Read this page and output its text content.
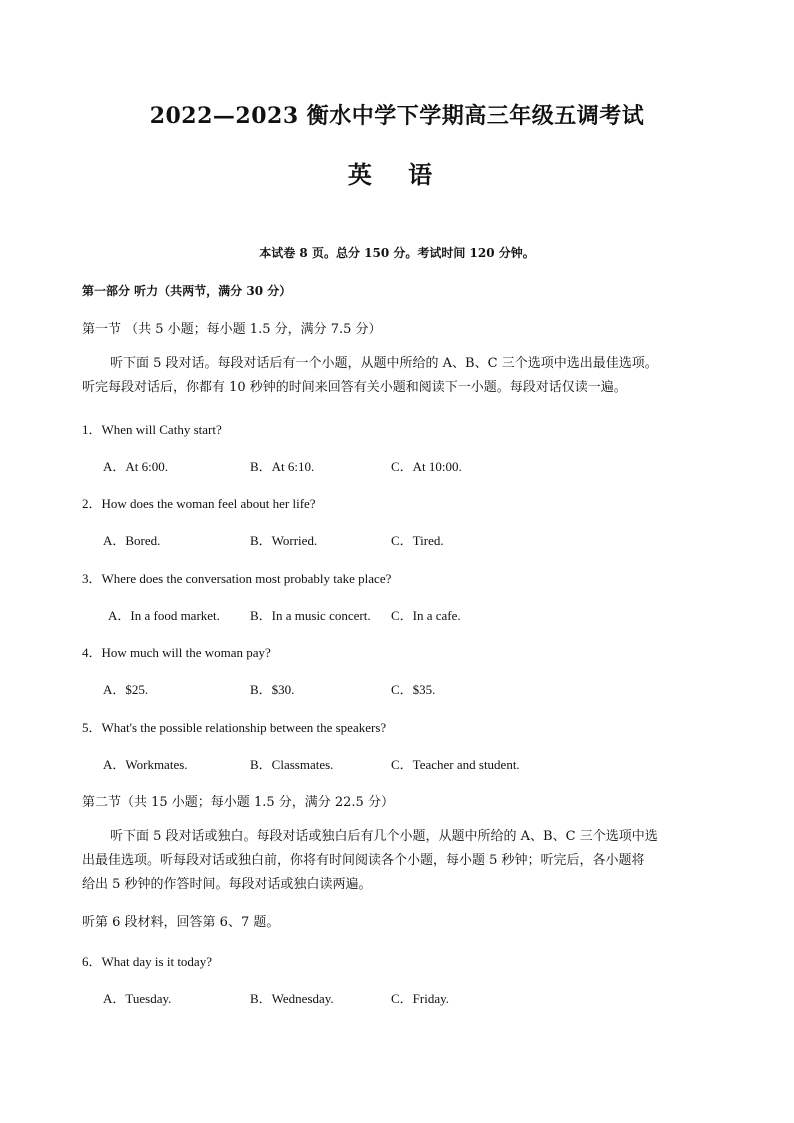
2022—2023 衡水中学下学期高三年级五调考试
英 语
本试卷 8 页。总分 150 分。考试时间 120 分钟。
第一部分 听力（共两节，满分 30 分）
第一节 （共 5 小题；每小题 1.5 分，满分 7.5 分）
听下面 5 段对话。每段对话后有一个小题，从题中所给的 A、B、C 三个选项中选出最佳选项。
听完每段对话后，你都有 10 秒钟的时间来回答有关小题和阅读下一小题。每段对话仅读一遍。
1．When will Cathy start?
A．At 6:00.	B．At 6:10.	C．At 10:00.
2．How does the woman feel about her life?
A．Bored.	B．Worried.	C．Tired.
3．Where does the conversation most probably take place?
A．In a food market. B．In a music concert. C．In a cafe.
4．How much will the woman pay?
A．$25.	B．$30.	C．$35.
5．What's the possible relationship between the speakers?
A．Workmates.	B．Classmates.	C．Teacher and student.
第二节（共 15 小题；每小题 1.5 分，满分 22.5 分）
听下面 5 段对话或独白。每段对话或独白后有几个小题，从题中所给的 A、B、C 三个选项中选
出最佳选项。听每段对话或独白前，你将有时间阅读各个小题，每小题 5 秒钟；听完后，各小题将
给出 5 秒钟的作答时间。每段对话或独白读两遍。
听第 6 段材料，回答第 6、7 题。
6．What day is it today?
A．Tuesday.	B．Wednesday.	C．Friday.
